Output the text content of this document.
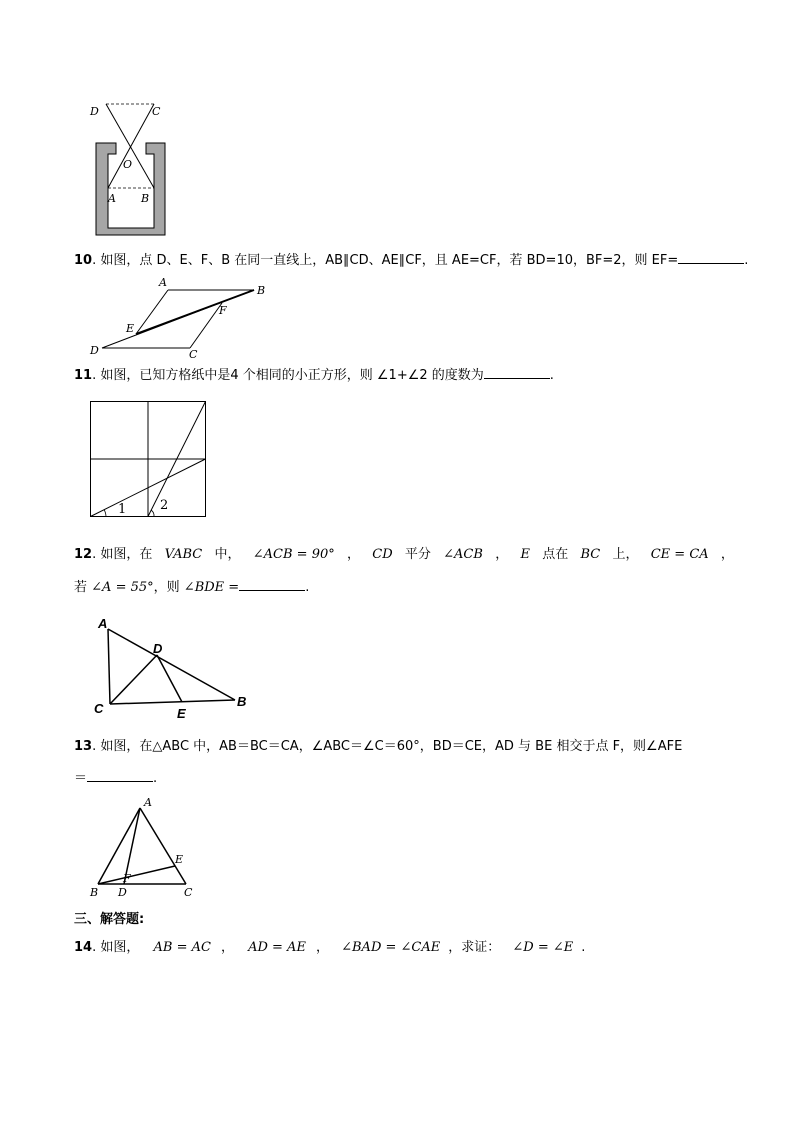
D	C
O
A B
10. 如图，点 D、E、F、B 在同一直线上，AB∥CD、AE∥CF，且 AE=CF，若 BD=10，BF=2，则 EF=	.
A
B
E
F
D	C
11. 如图，已知方格纸中是4 个相同的小正方形，则 ∠1+∠2 的度数为	.
1	2
12. 如图，在 VABC 中， ∠ACB = 90° ， CD 平分 ∠ACB ， E 点在 BC 上， CE = CA ，
若 ∠A = 55°，则 ∠BDE =	.
A
D
C	E
B
13. 如图，在△ABC 中，AB＝BC＝CA，∠ABC＝∠C＝60°，BD＝CE，AD 与 BE 相交于点 F，则∠AFE
＝	.
A
E
F
B D	C
三、解答题:
14. 如图， AB = AC ， AD = AE ， ∠BAD = ∠CAE ，求证： ∠D = ∠E .
